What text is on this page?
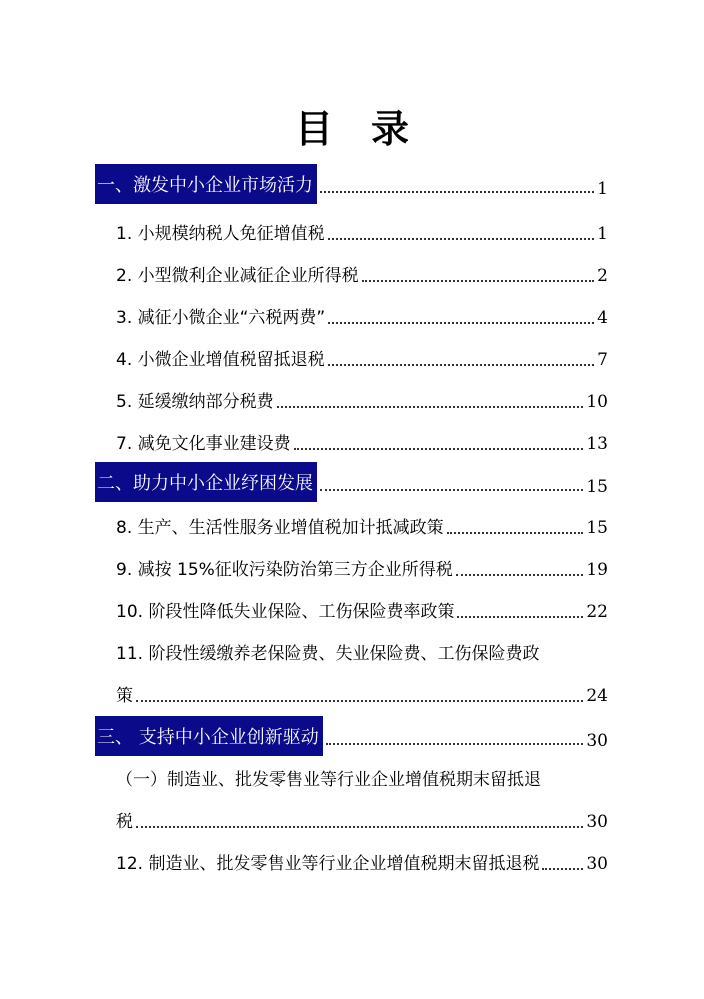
目　录
一、激发中小企业市场活力	1
1. 小规模纳税人免征增值税	1
2. 小型微利企业减征企业所得税	2
3. 减征小微企业“六税两费”	4
4. 小微企业增值税留抵退税	7
5. 延缓缴纳部分税费	10
7. 减免文化事业建设费	13
二、助力中小企业纾困发展	15
8. 生产、生活性服务业增值税加计抵减政策	15
9. 减按 15%征收污染防治第三方企业所得税	19
10. 阶段性降低失业保险、工伤保险费率政策	22
11. 阶段性缓缴养老保险费、失业保险费、工伤保险费政
策	24
三、 支持中小企业创新驱动	30
（一）制造业、批发零售业等行业企业增值税期末留抵退
税	30
12. 制造业、批发零售业等行业企业增值税期末留抵退税	30
